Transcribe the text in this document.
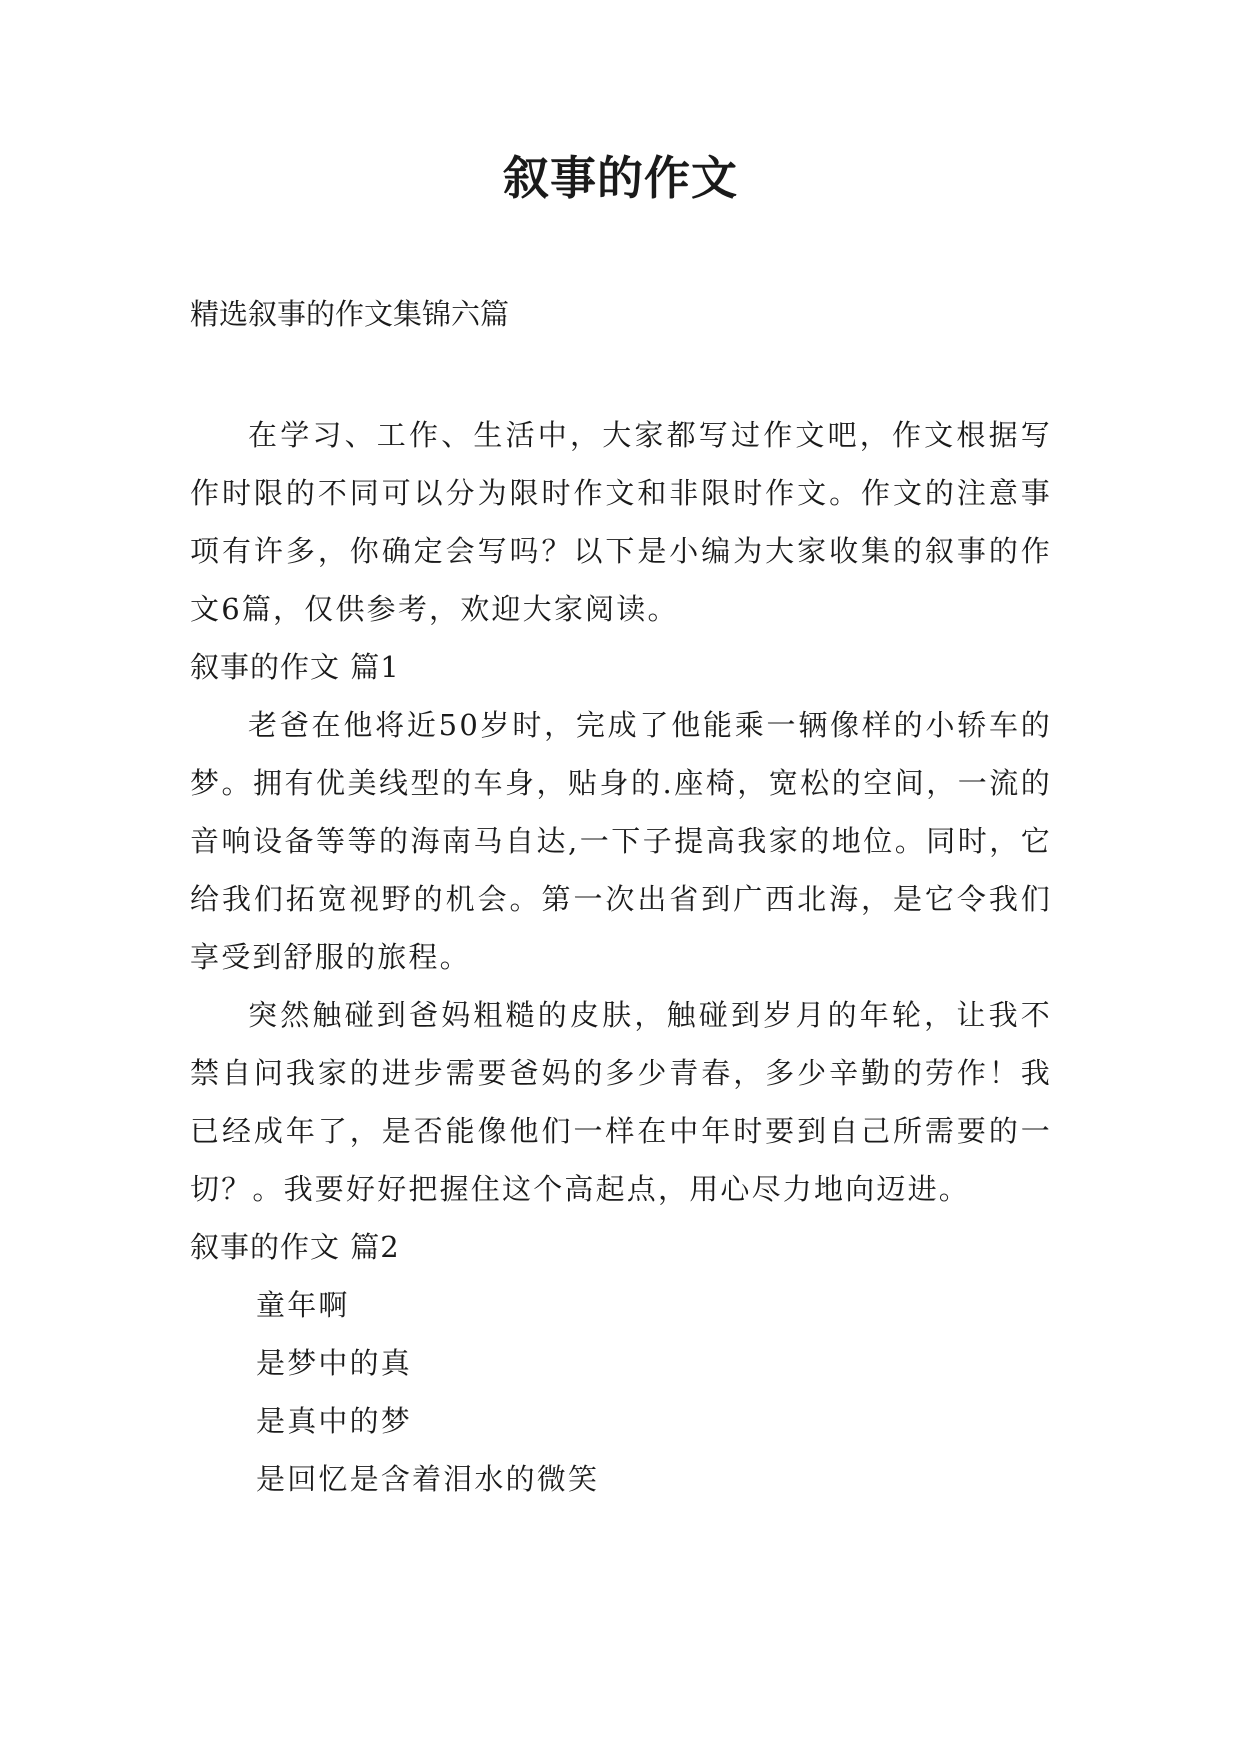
叙事的作文
精选叙事的作文集锦六篇

在学习、工作、生活中，大家都写过作文吧，作文根据写作时限的不同可以分为限时作文和非限时作文。作文的注意事项有许多，你确定会写吗？以下是小编为大家收集的叙事的作文6篇，仅供参考，欢迎大家阅读。

叙事的作文 篇1

老爸在他将近50岁时，完成了他能乘一辆像样的小轿车的梦。拥有优美线型的车身，贴身的.座椅，宽松的空间，一流的音响设备等等的海南马自达,一下子提高我家的地位。同时，它给我们拓宽视野的机会。第一次出省到广西北海，是它令我们享受到舒服的旅程。

突然触碰到爸妈粗糙的皮肤，触碰到岁月的年轮，让我不禁自问我家的进步需要爸妈的多少青春，多少辛勤的劳作！我已经成年了，是否能像他们一样在中年时要到自己所需要的一切？。我要好好把握住这个高起点，用心尽力地向迈进。

叙事的作文 篇2

童年啊

是梦中的真

是真中的梦

是回忆是含着泪水的微笑
